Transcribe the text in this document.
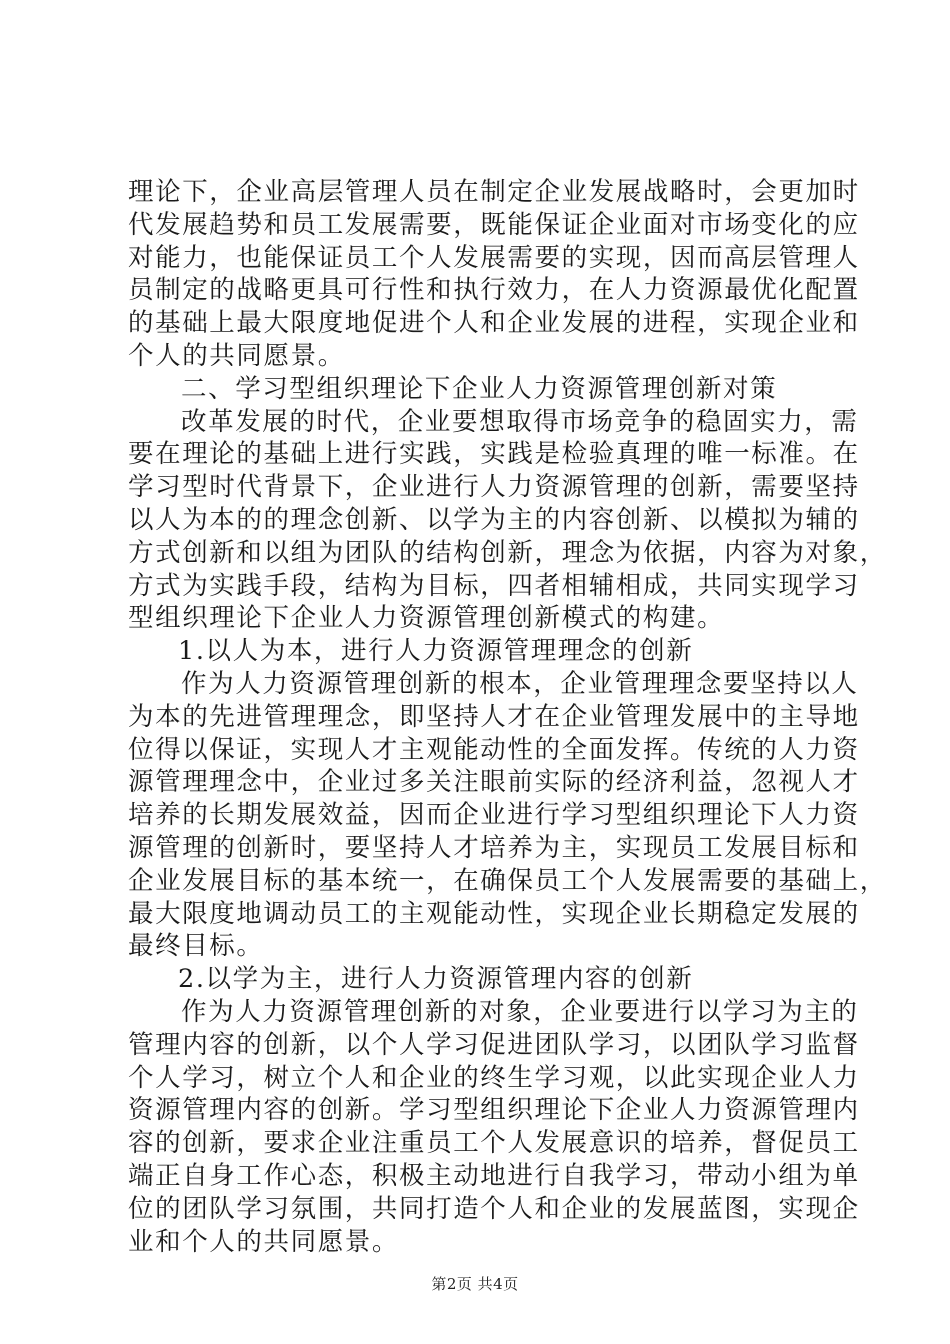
理论下，企业高层管理人员在制定企业发展战略时，会更加时
代发展趋势和员工发展需要，既能保证企业面对市场变化的应
对能力，也能保证员工个人发展需要的实现，因而高层管理人
员制定的战略更具可行性和执行效力，在人力资源最优化配置
的基础上最大限度地促进个人和企业发展的进程，实现企业和
个人的共同愿景。
二、学习型组织理论下企业人力资源管理创新对策
改革发展的时代，企业要想取得市场竞争的稳固实力，需
要在理论的基础上进行实践，实践是检验真理的唯一标准。在
学习型时代背景下，企业进行人力资源管理的创新，需要坚持
以人为本的的理念创新、以学为主的内容创新、以模拟为辅的
方式创新和以组为团队的结构创新，理念为依据，内容为对象，
方式为实践手段，结构为目标，四者相辅相成，共同实现学习
型组织理论下企业人力资源管理创新模式的构建。
1.以人为本，进行人力资源管理理念的创新
作为人力资源管理创新的根本，企业管理理念要坚持以人
为本的先进管理理念，即坚持人才在企业管理发展中的主导地
位得以保证，实现人才主观能动性的全面发挥。传统的人力资
源管理理念中，企业过多关注眼前实际的经济利益，忽视人才
培养的长期发展效益，因而企业进行学习型组织理论下人力资
源管理的创新时，要坚持人才培养为主，实现员工发展目标和
企业发展目标的基本统一，在确保员工个人发展需要的基础上，
最大限度地调动员工的主观能动性，实现企业长期稳定发展的
最终目标。
2.以学为主，进行人力资源管理内容的创新
作为人力资源管理创新的对象，企业要进行以学习为主的
管理内容的创新，以个人学习促进团队学习，以团队学习监督
个人学习，树立个人和企业的终生学习观，以此实现企业人力
资源管理内容的创新。学习型组织理论下企业人力资源管理内
容的创新，要求企业注重员工个人发展意识的培养，督促员工
端正自身工作心态，积极主动地进行自我学习，带动小组为单
位的团队学习氛围，共同打造个人和企业的发展蓝图，实现企
业和个人的共同愿景。
第2页 共4页
